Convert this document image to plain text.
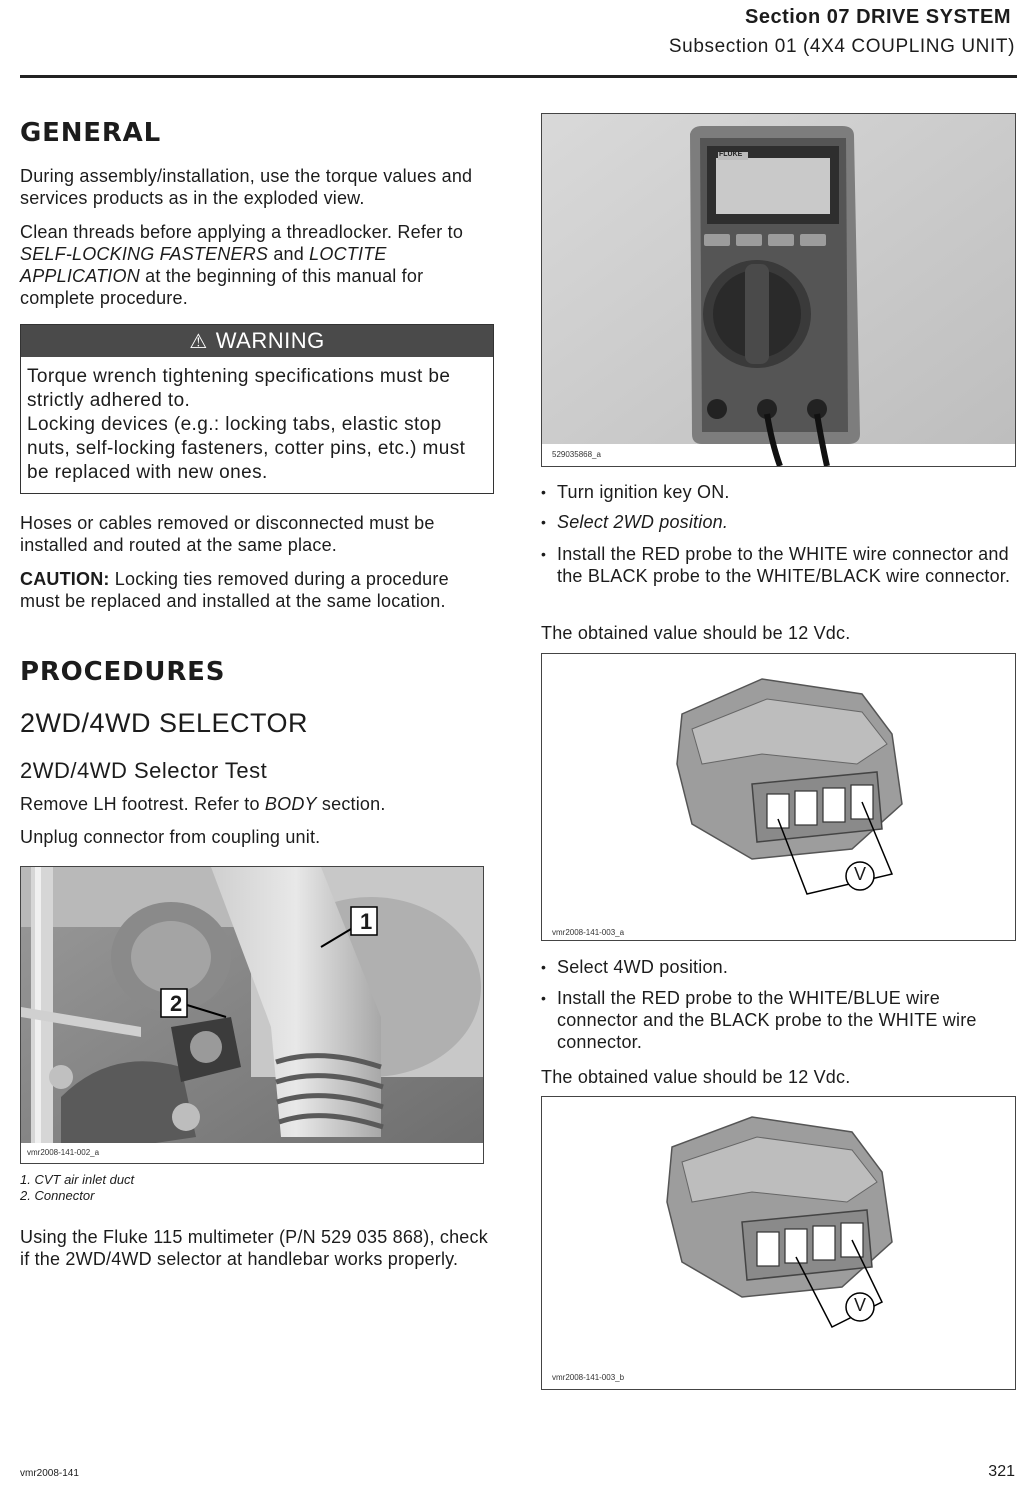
Section 07 DRIVE SYSTEM
Subsection 01 (4X4 COUPLING UNIT)
GENERAL
During assembly/installation, use the torque values and services products as in the exploded view.
Clean threads before applying a threadlocker. Refer to SELF-LOCKING FASTENERS and LOCTITE APPLICATION at the beginning of this manual for complete procedure.
⚠ WARNING
Torque wrench tightening specifications must be strictly adhered to.
Locking devices (e.g.: locking tabs, elastic stop nuts, self-locking fasteners, cotter pins, etc.) must be replaced with new ones.
Hoses or cables removed or disconnected must be installed and routed at the same place.
CAUTION: Locking ties removed during a procedure must be replaced and installed at the same location.
PROCEDURES
2WD/4WD SELECTOR
2WD/4WD Selector Test
Remove LH footrest. Refer to BODY section.
Unplug connector from coupling unit.
1
2
vmr2008-141-002_a
1. CVT air inlet duct
2. Connector
Using the Fluke 115 multimeter (P/N 529 035 868), check if the 2WD/4WD selector at handlebar works properly.
FLUKE
529035868_a
• Turn ignition key ON.
• Select 2WD position.
• Install the RED probe to the WHITE wire connector and the BLACK probe to the WHITE/BLACK wire connector.
The obtained value should be 12 Vdc.
V
vmr2008-141-003_a
• Select 4WD position.
• Install the RED probe to the WHITE/BLUE wire connector and the BLACK probe to the WHITE wire connector.
The obtained value should be 12 Vdc.
V
vmr2008-141-003_b
vmr2008-141	321
